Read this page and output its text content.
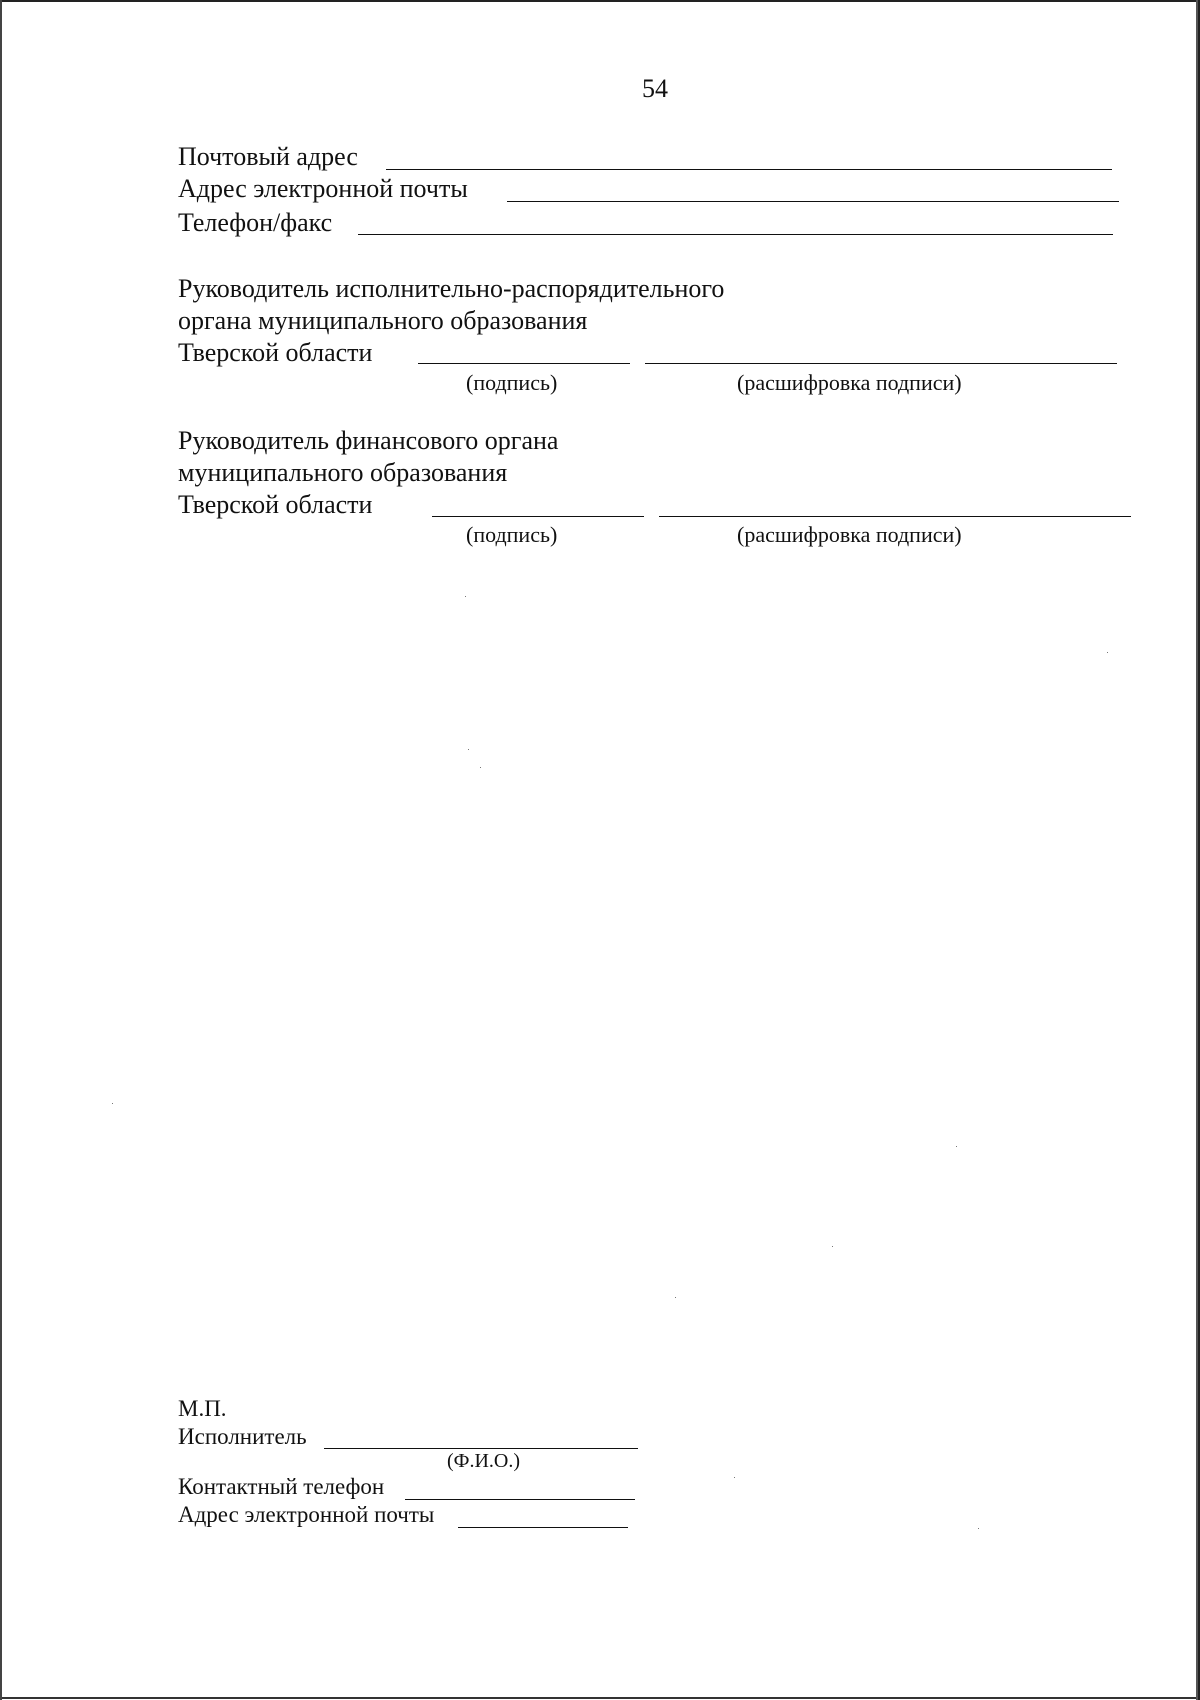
54
Почтовый адрес
Адрес электронной почты
Телефон/факс
Руководитель исполнительно-распорядительного
органа муниципального образования
Тверской области
(подпись)	(расшифровка подписи)
Руководитель финансового органа
муниципального образования
Тверской области
(подпись)	(расшифровка подписи)
М.П.
Исполнитель
(Ф.И.О.)
Контактный телефон
Адрес электронной почты
